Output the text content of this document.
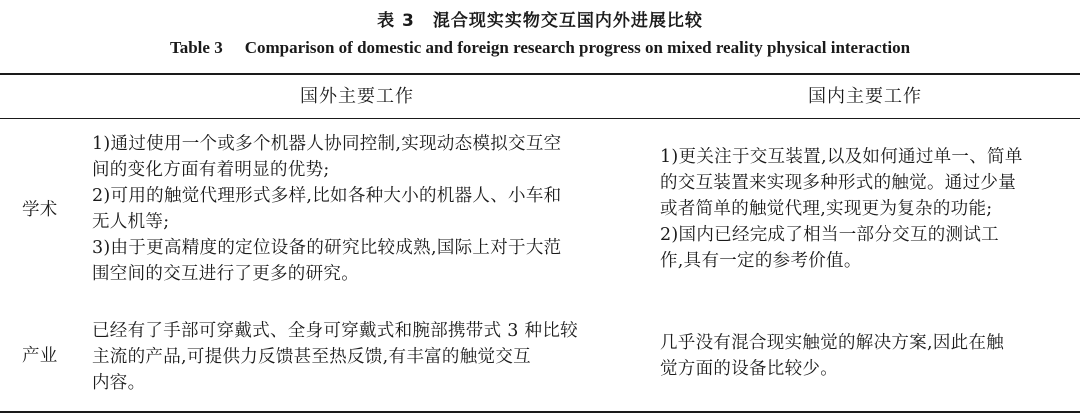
表 3 混合现实实物交互国内外进展比较
Table 3 Comparison of domestic and foreign research progress on mixed reality physical interaction
国外主要工作	国内主要工作
学术
1)通过使用一个或多个机器人协同控制,实现动态模拟交互空
间的变化方面有着明显的优势;
2)可用的触觉代理形式多样,比如各种大小的机器人、小车和
无人机等;
3)由于更高精度的定位设备的研究比较成熟,国际上对于大范
围空间的交互进行了更多的研究。
1)更关注于交互装置,以及如何通过单一、简单
的交互装置来实现多种形式的触觉。通过少量
或者简单的触觉代理,实现更为复杂的功能;
2)国内已经完成了相当一部分交互的测试工
作,具有一定的参考价值。
产业
已经有了手部可穿戴式、全身可穿戴式和腕部携带式 3 种比较
主流的产品,可提供力反馈甚至热反馈,有丰富的触觉交互
内容。
几乎没有混合现实触觉的解决方案,因此在触
觉方面的设备比较少。
